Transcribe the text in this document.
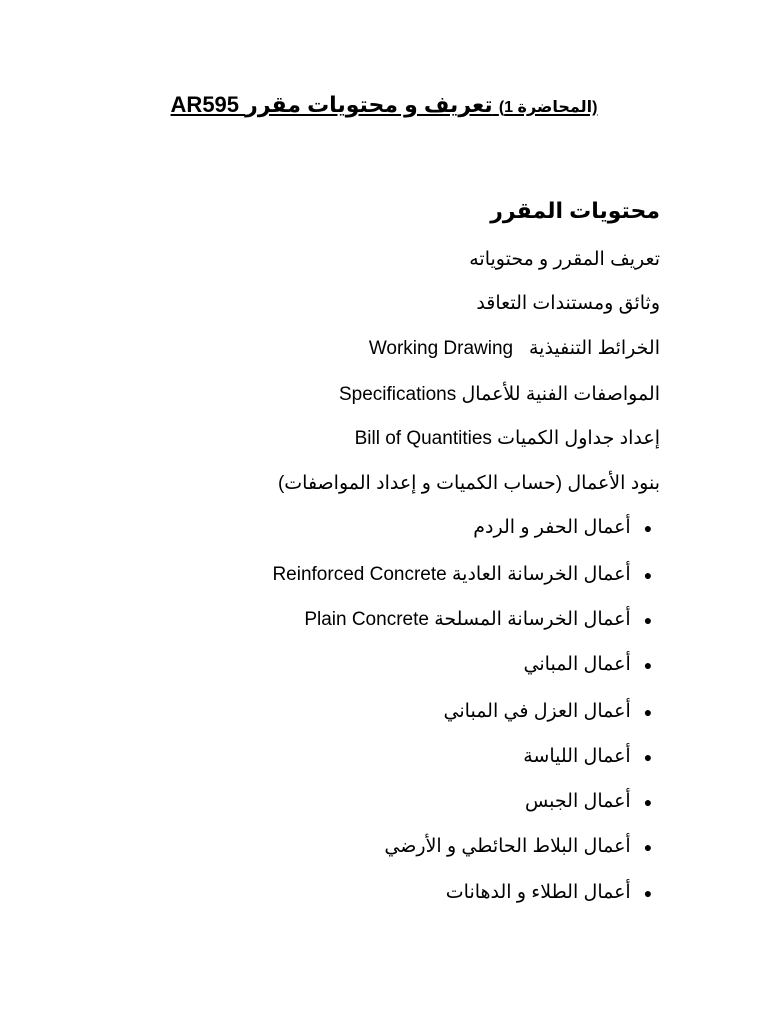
(المحاضرة 1) تعريف و محتويات مقرر AR595
محتويات المقرر
تعريف المقرر و محتوياته
وثائق ومستندات التعاقد
الخرائط التنفيذية   Working Drawing
المواصفات الفنية للأعمال Specifications
إعداد جداول الكميات Bill of Quantities
بنود الأعمال (حساب الكميات و إعداد المواصفات)
● أعمال الحفر و الردم
● أعمال الخرسانة العادية Reinforced Concrete
● أعمال الخرسانة المسلحة Plain Concrete
● أعمال المباني
● أعمال العزل في المباني
● أعمال اللياسة
● أعمال الجبس
● أعمال البلاط الحائطي و الأرضي
● أعمال الطلاء و الدهانات
